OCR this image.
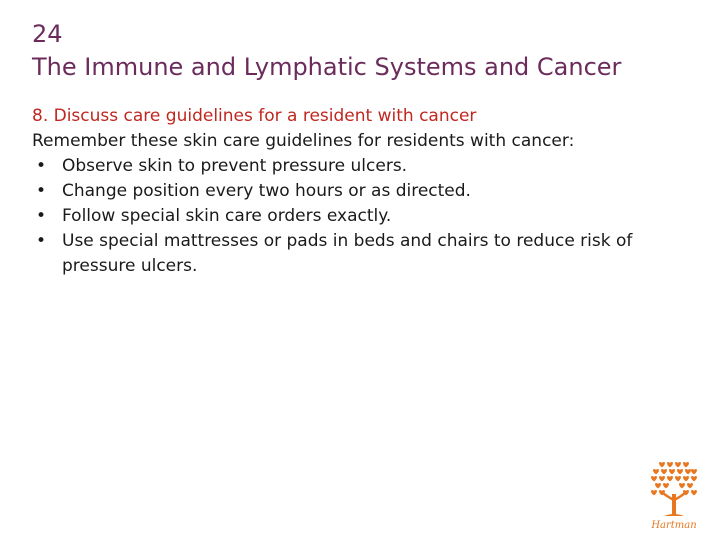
24
The Immune and Lymphatic Systems and Cancer
8. Discuss care guidelines for a resident with cancer
Remember these skin care guidelines for residents with cancer:
• Observe skin to prevent pressure ulcers.
• Change position every two hours or as directed.
• Follow special skin care orders exactly.
• Use special mattresses or pads in beds and chairs to reduce risk of pressure ulcers.
Hartman
